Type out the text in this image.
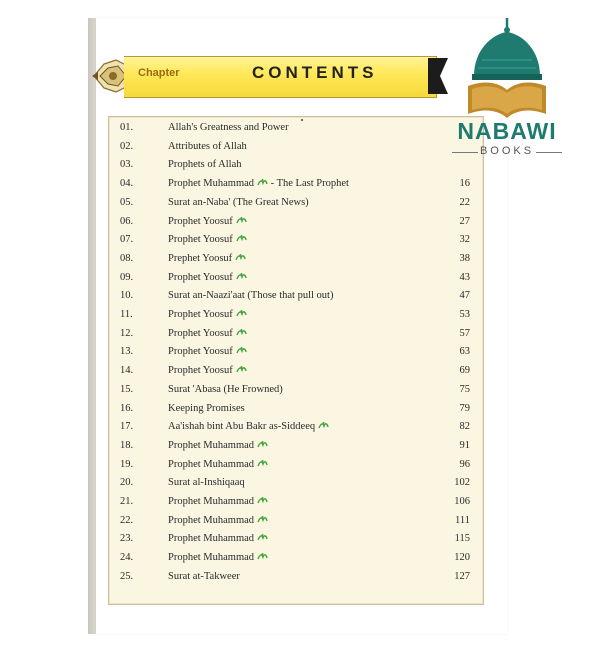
Chapter	CONTENTS
01.	Allah's Greatness and Power
02.	Attributes of Allah
03.	Prophets of Allah
04.	Prophet Muhammad - The Last Prophet	16
05.	Surat an-Naba' (The Great News)	22
06.	Prophet Yoosuf	27
07.	Prophet Yoosuf	32
08.	Prephet Yoosuf	38
09.	Prophet Yoosuf	43
10.	Surat an-Naazi'aat (Those that pull out)	47
11.	Prophet Yoosuf	53
12.	Prophet Yoosuf	57
13.	Prophet Yoosuf	63
14.	Prophet Yoosuf	69
15.	Surat 'Abasa (He Frowned)	75
16.	Keeping Promises	79
17.	Aa'ishah bint Abu Bakr as-Siddeeq	82
18.	Prophet Muhammad	91
19.	Prophet Muhammad	96
20.	Surat al-Inshiqaaq	102
21.	Prophet Muhammad	106
22.	Prophet Muhammad	111
23.	Prophet Muhammad	115
24.	Prophet Muhammad	120
25.	Surat at-Takweer	127
NABAWI
BOOKS
